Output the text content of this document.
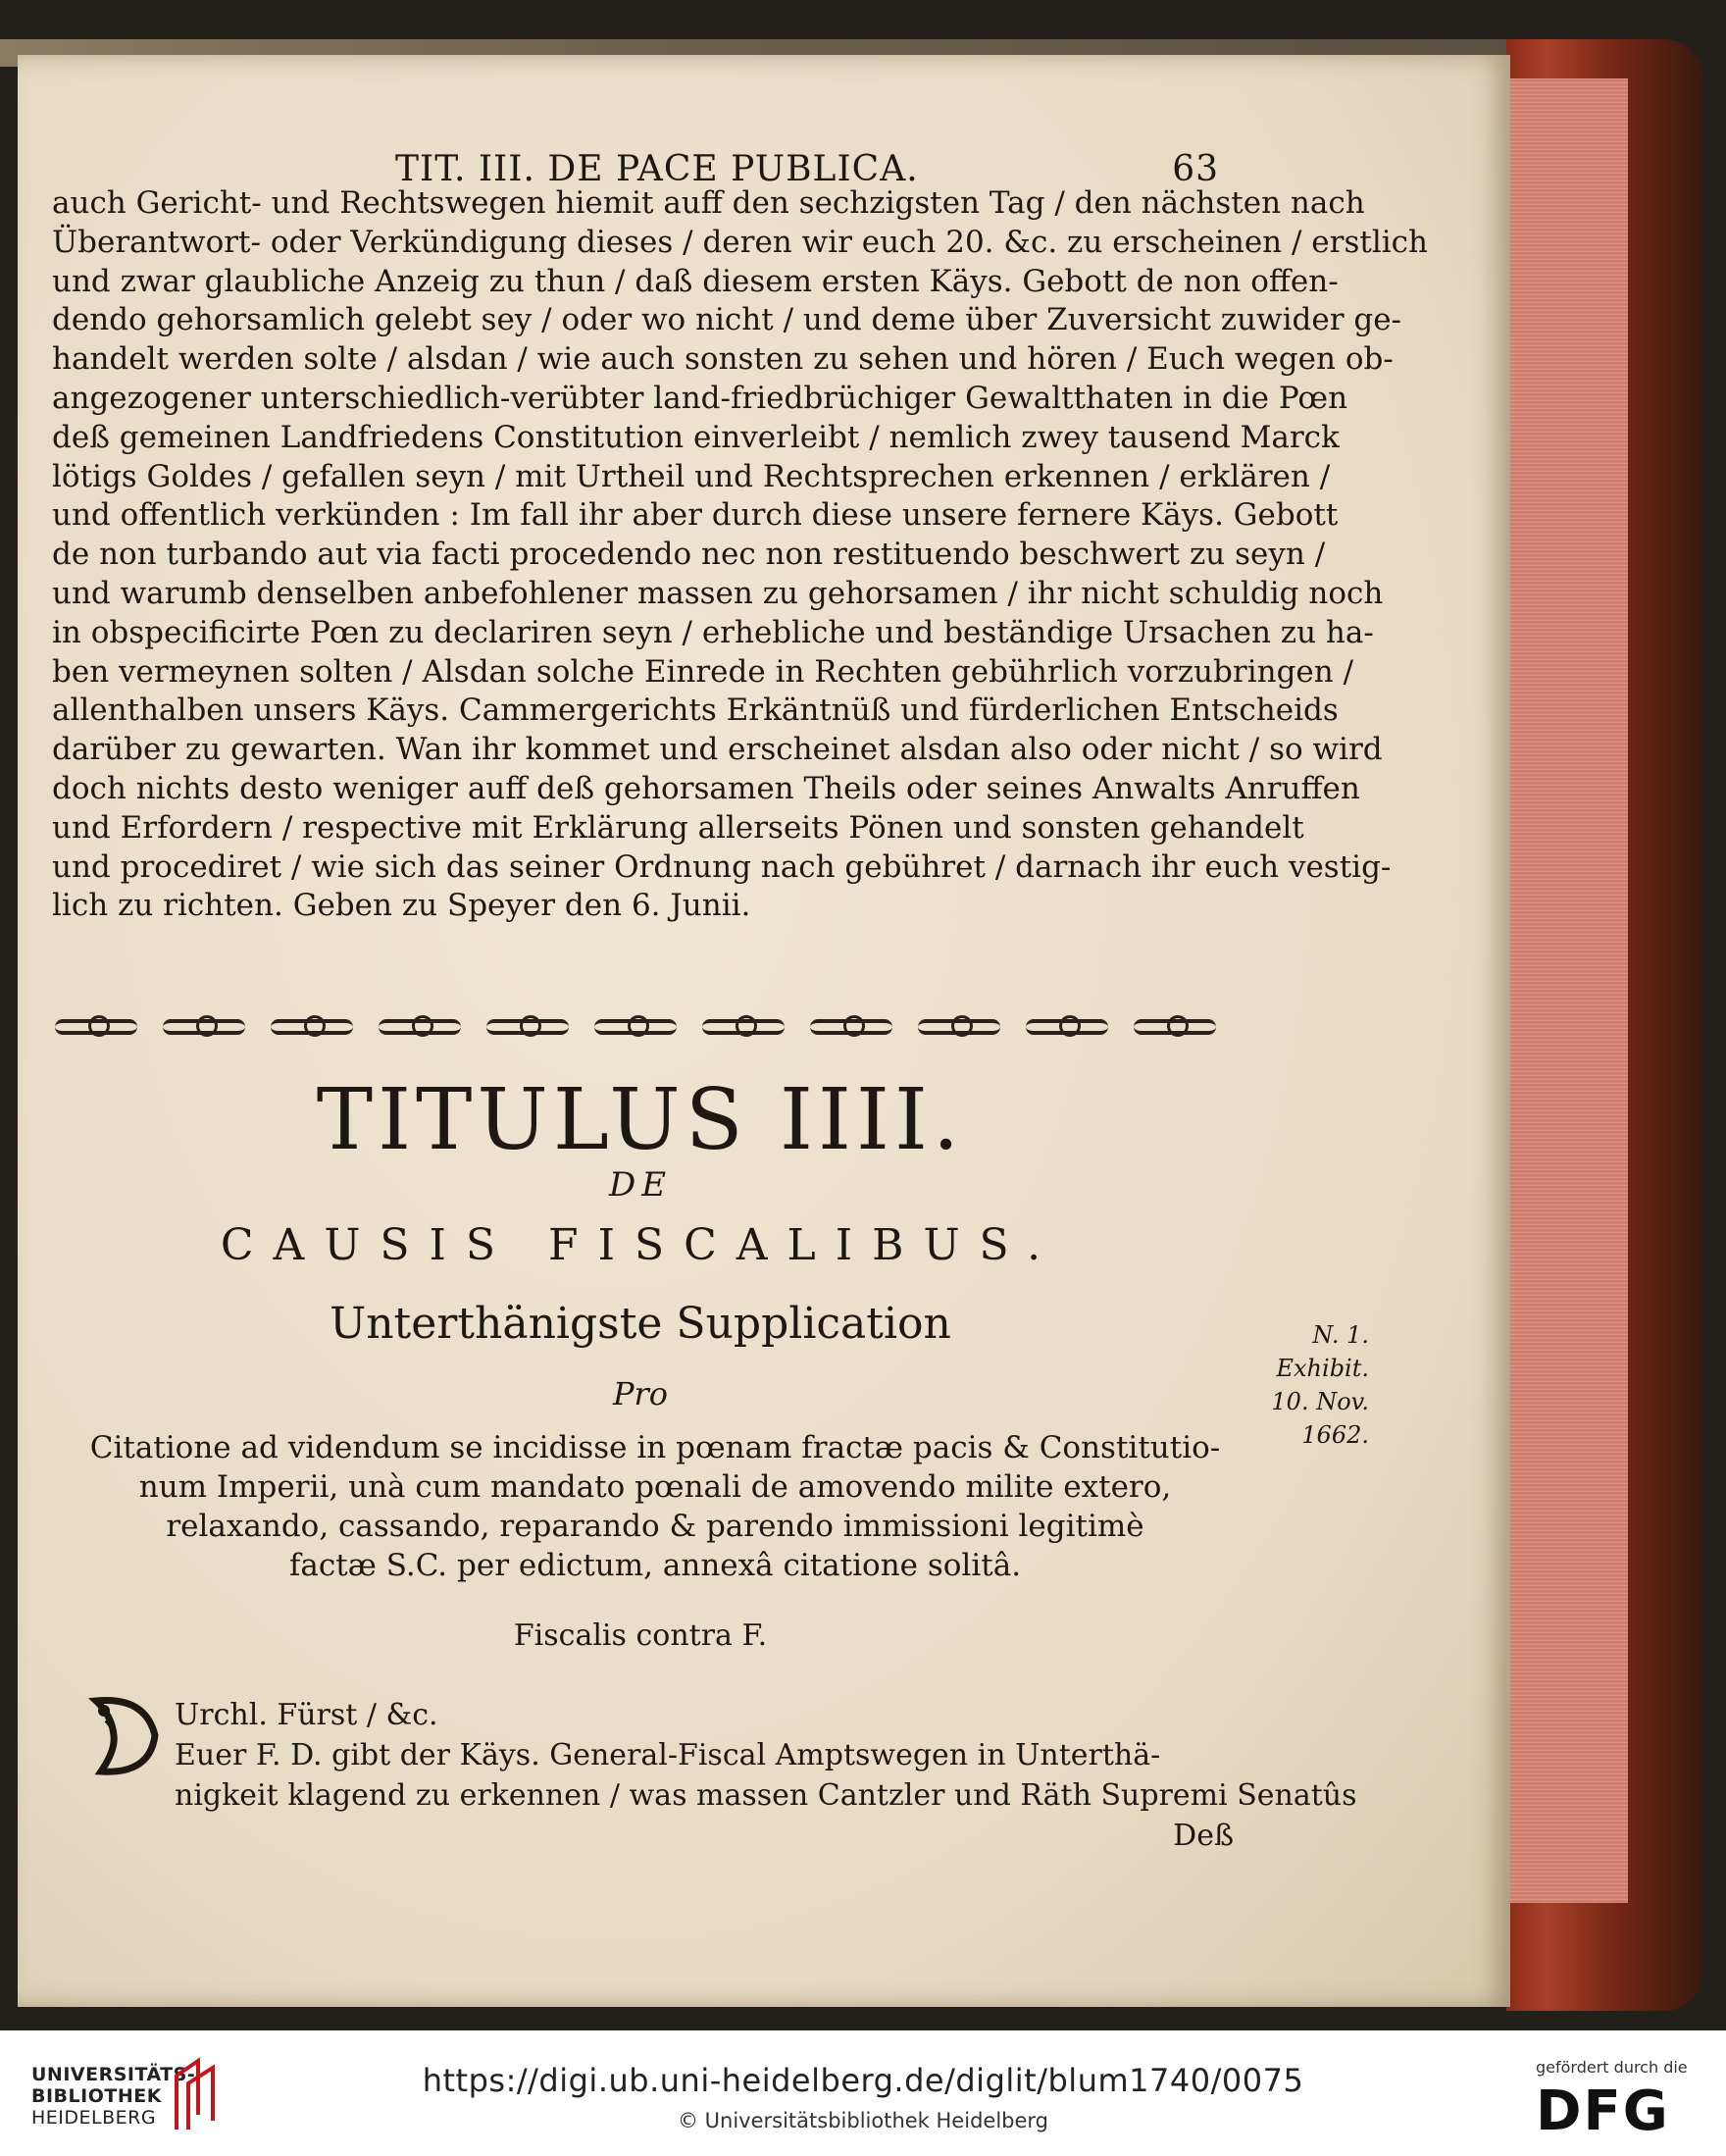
TIT. III. DE PACE PUBLICA.	63
auch Gericht- und Rechtswegen hiemit auff den sechzigsten Tag / den nächsten nach
Überantwort- oder Verkündigung dieses / deren wir euch 20. &c. zu erscheinen / erstlich
und zwar glaubliche Anzeig zu thun / daß diesem ersten Käys. Gebott de non offen-
dendo gehorsamlich gelebt sey / oder wo nicht / und deme über Zuversicht zuwider ge-
handelt werden solte / alsdan / wie auch sonsten zu sehen und hören / Euch wegen ob-
angezogener unterschiedlich-verübter land-friedbrüchiger Gewaltthaten in die Pœn
deß gemeinen Landfriedens Constitution einverleibt / nemlich zwey tausend Marck
lötigs Goldes / gefallen seyn / mit Urtheil und Rechtsprechen erkennen / erklären /
und offentlich verkünden : Im fall ihr aber durch diese unsere fernere Käys. Gebott
de non turbando aut via facti procedendo nec non restituendo beschwert zu seyn /
und warumb denselben anbefohlener massen zu gehorsamen / ihr nicht schuldig noch
in obspecificirte Pœn zu declariren seyn / erhebliche und beständige Ursachen zu ha-
ben vermeynen solten / Alsdan solche Einrede in Rechten gebührlich vorzubringen /
allenthalben unsers Käys. Cammergerichts Erkäntnüß und fürderlichen Entscheids
darüber zu gewarten. Wan ihr kommet und erscheinet alsdan also oder nicht / so wird
doch nichts desto weniger auff deß gehorsamen Theils oder seines Anwalts Anruffen
und Erfordern / respective mit Erklärung allerseits Pönen und sonsten gehandelt
und procediret / wie sich das seiner Ordnung nach gebühret / darnach ihr euch vestig-
lich zu richten. Geben zu Speyer den 6. Junii.
TITULUS IIII.
DE
CAUSIS FISCALIBUS.
Unterthänigste Supplication
Pro
Citatione ad videndum se incidisse in pœnam fractæ pacis & Constitutio-
num Imperii, unà cum mandato pœnali de amovendo milite extero,
relaxando, cassando, reparando & parendo immissioni legitimè
factæ S.C. per edictum, annexâ citatione solitâ.
Fiscalis contra F.
N. 1.
Exhibit.
10. Nov.
1662.
Urchl. Fürst / &c.
Euer F. D. gibt der Käys. General-Fiscal Amptswegen in Unterthä-
nigkeit klagend zu erkennen / was massen Cantzler und Räth Supremi Senatûs
Deß
UNIVERSITÄTS-
BIBLIOTHEK
HEIDELBERG
https://digi.ub.uni-heidelberg.de/diglit/blum1740/0075
© Universitätsbibliothek Heidelberg
gefördert durch die
DFG
